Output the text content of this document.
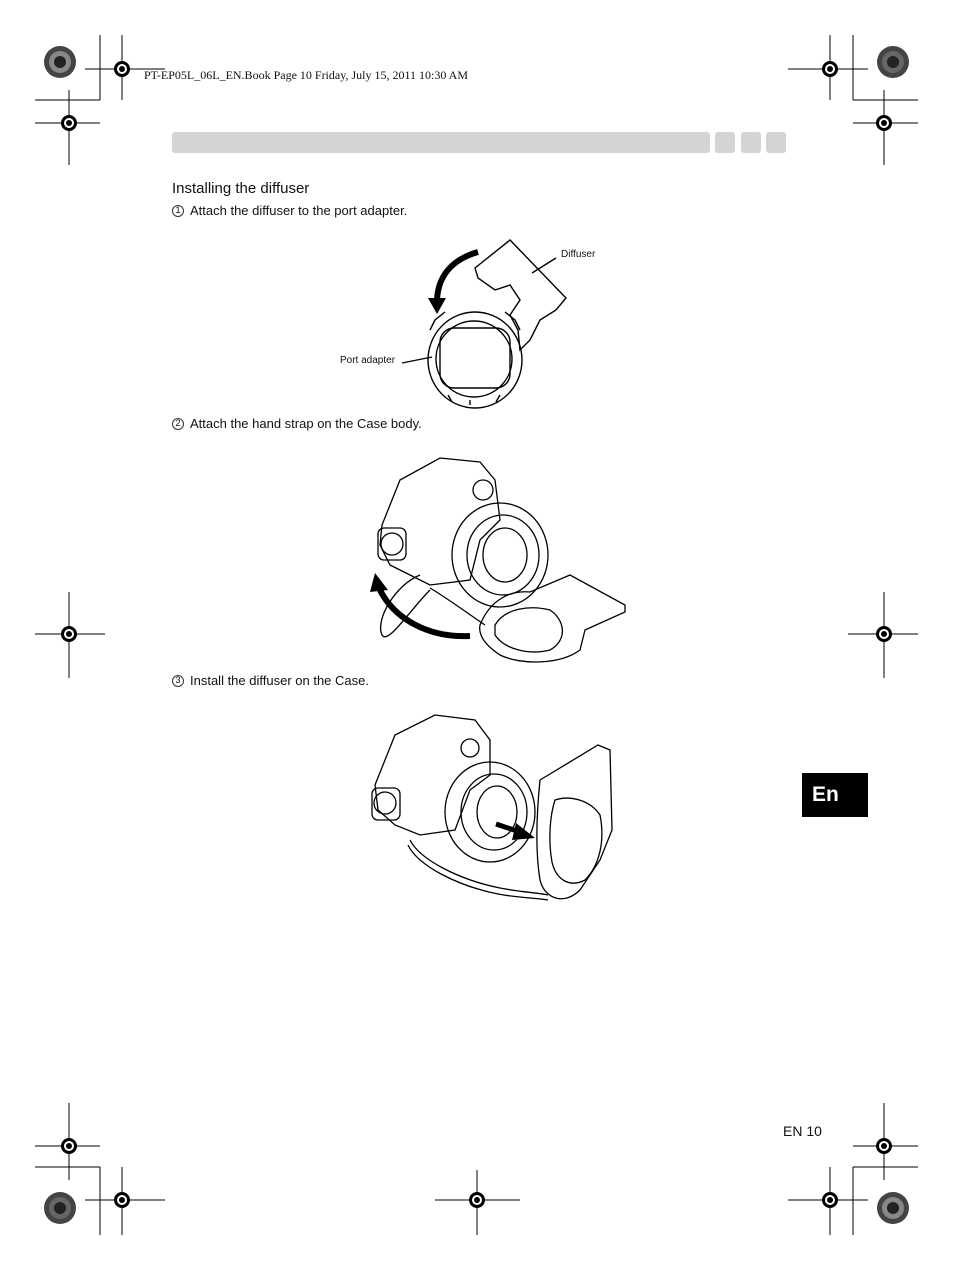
PT-EP05L_06L_EN.Book Page 10 Friday, July 15, 2011 10:30 AM
Installing the diffuser
1 Attach the diffuser to the port adapter.
Diffuser
Port adapter
2 Attach the hand strap on the Case body.
3 Install the diffuser on the Case.
En
EN 10
